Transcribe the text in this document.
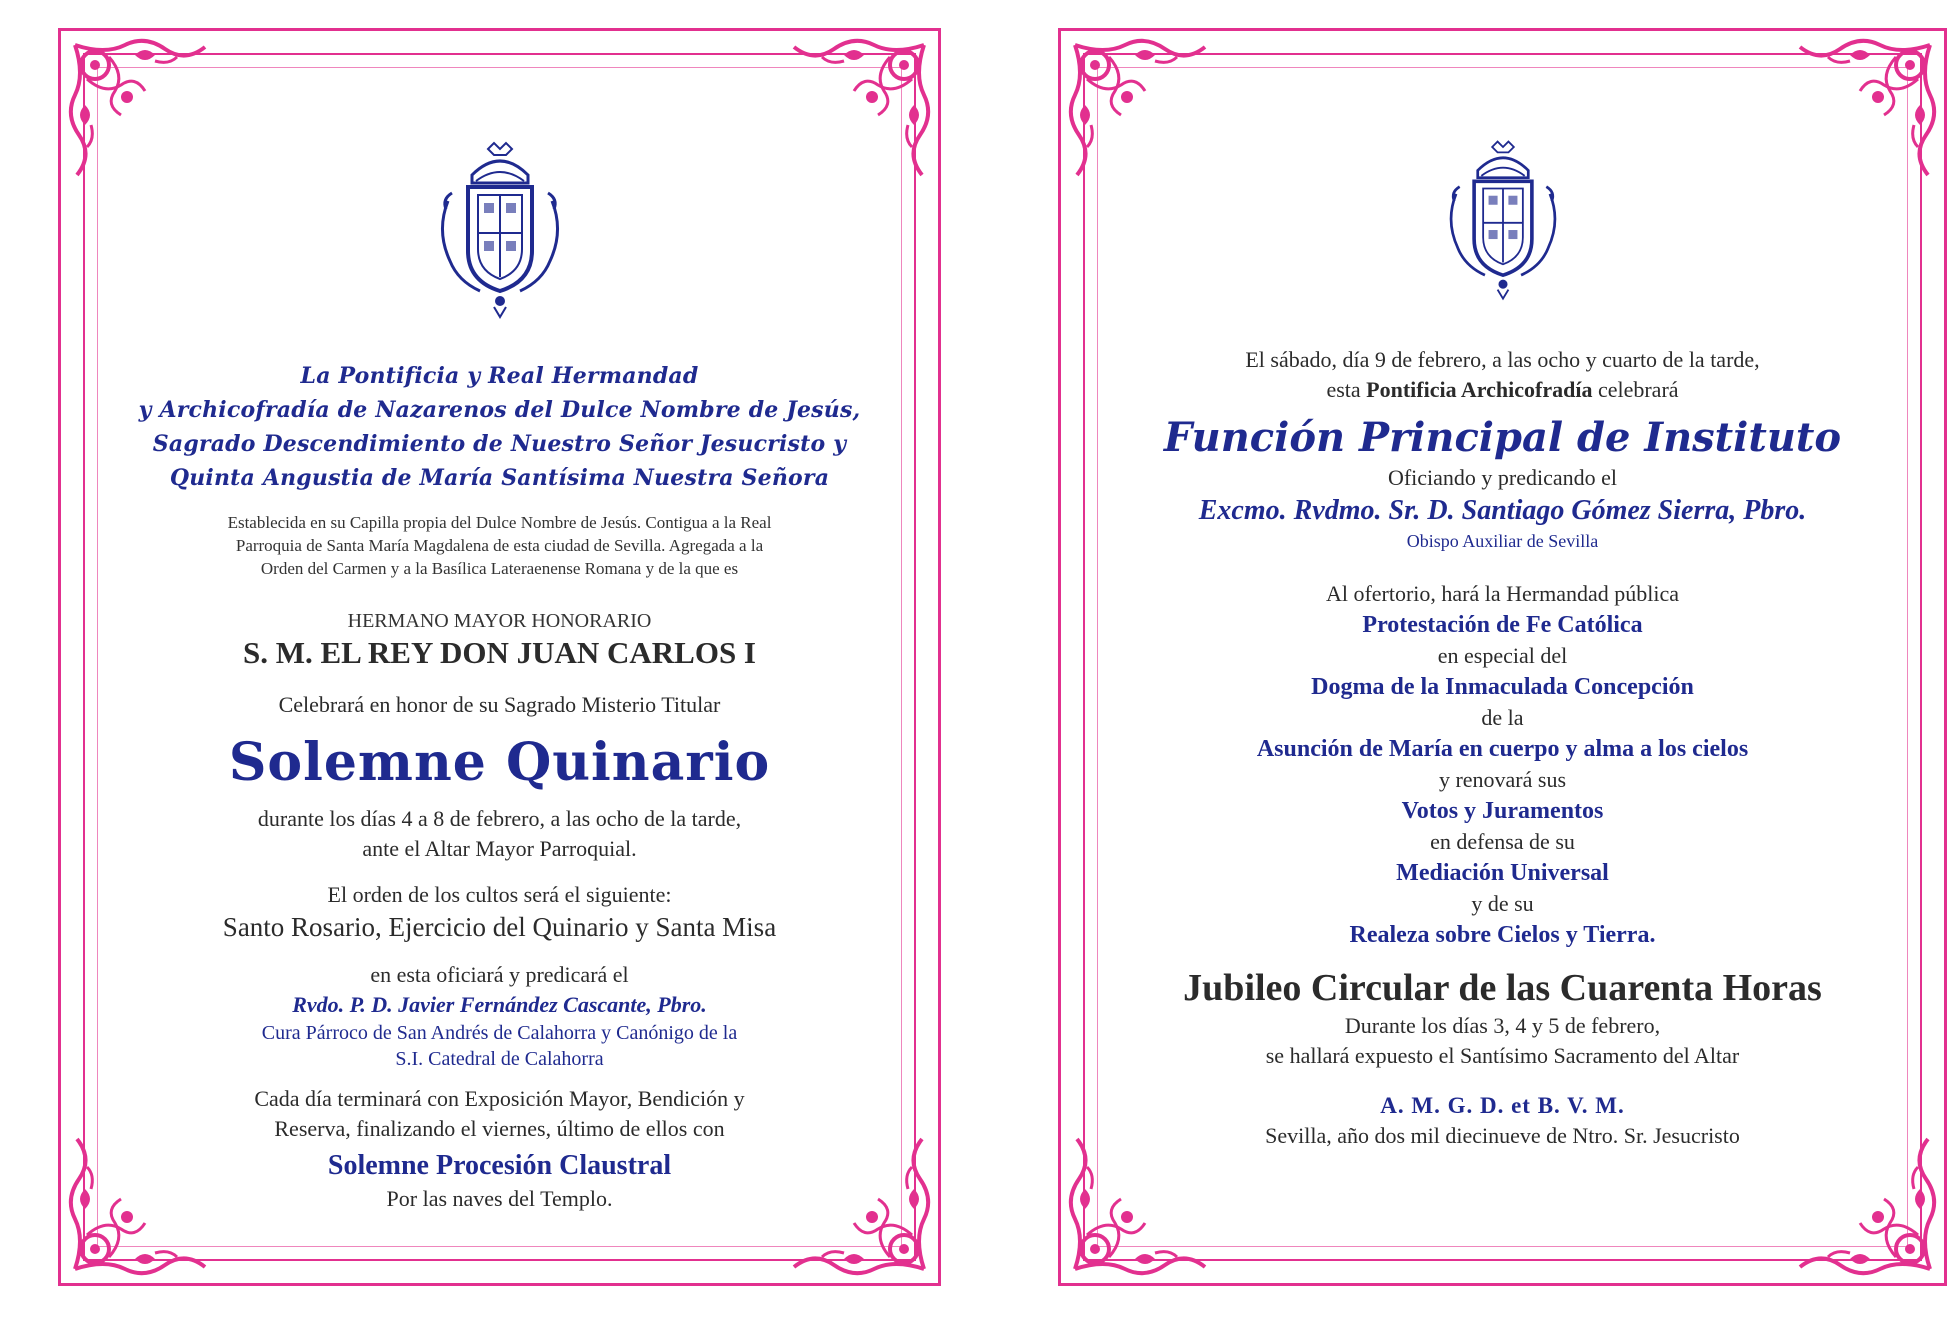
La Pontificia y Real Hermandad

y Archicofradía de Nazarenos del Dulce Nombre de Jesús,

Sagrado Descendimiento de Nuestro Señor Jesucristo y

Quinta Angustia de María Santísima Nuestra Señora

Establecida en su Capilla propia del Dulce Nombre de Jesús. Contigua a la Real

Parroquia de Santa María Magdalena de esta ciudad de Sevilla. Agregada a la

Orden del Carmen y a la Basílica Lateraenense Romana y de la que es

HERMANO MAYOR HONORARIO

S. M. EL REY DON JUAN CARLOS I

Celebrará en honor de su Sagrado Misterio Titular

Solemne Quinario

durante los días 4 a 8 de febrero, a las ocho de la tarde,

ante el Altar Mayor Parroquial.

El orden de los cultos será el siguiente:

Santo Rosario, Ejercicio del Quinario y Santa Misa

en esta oficiará y predicará el

Rvdo. P. D. Javier Fernández Cascante, Pbro.

Cura Párroco de San Andrés de Calahorra y Canónigo de la

S.I. Catedral de Calahorra

Cada día terminará con Exposición Mayor, Bendición y

Reserva, finalizando el viernes, último de ellos con

Solemne Procesión Claustral

Por las naves del Templo.

El sábado, día 9 de febrero, a las ocho y cuarto de la tarde,

esta Pontificia Archicofradía celebrará

Función Principal de Instituto

Oficiando y predicando el

Excmo. Rvdmo. Sr. D. Santiago Gómez Sierra, Pbro.

Obispo Auxiliar de Sevilla

Al ofertorio, hará la Hermandad pública

Protestación de Fe Católica

en especial del

Dogma de la Inmaculada Concepción

de la

Asunción de María en cuerpo y alma a los cielos

y renovará sus

Votos y Juramentos

en defensa de su

Mediación Universal

y de su

Realeza sobre Cielos y Tierra.

Jubileo Circular de las Cuarenta Horas

Durante los días 3, 4 y 5 de febrero,

se hallará expuesto el Santísimo Sacramento del Altar

A. M. G. D. et B. V. M.

Sevilla, año dos mil diecinueve de Ntro. Sr. Jesucristo
